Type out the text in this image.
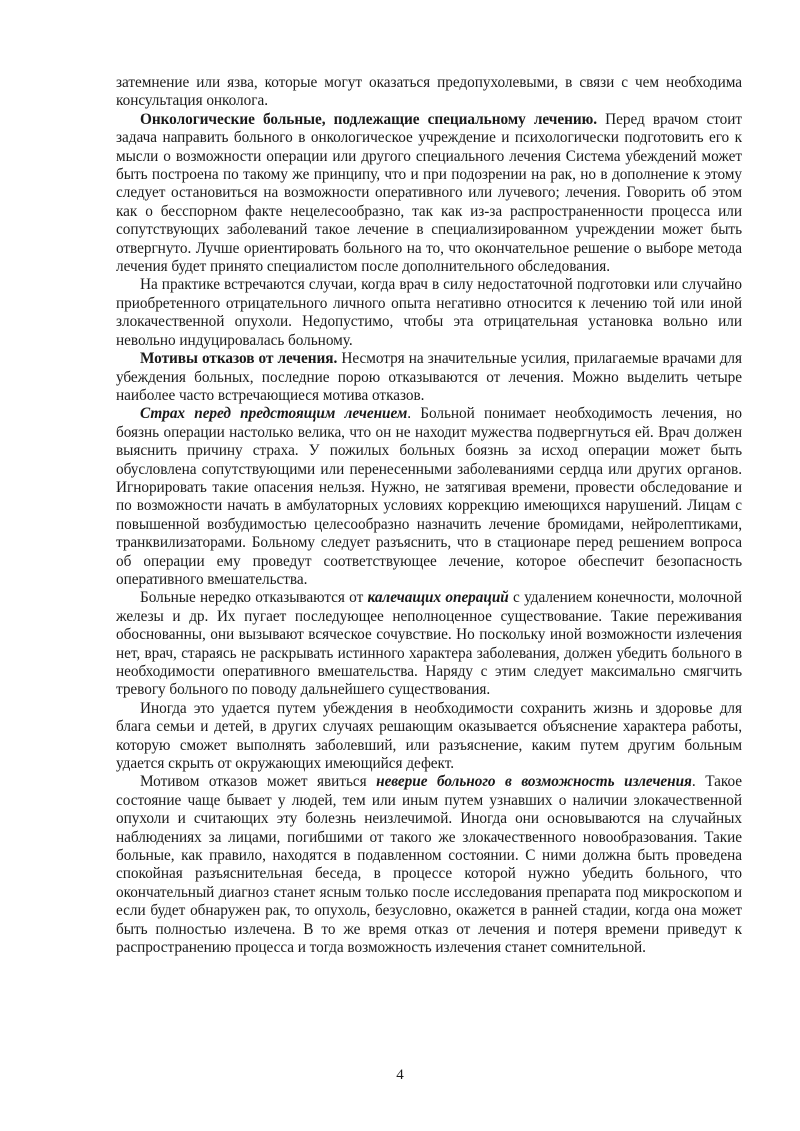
затемнение или язва, которые могут оказаться предопухолевыми, в связи с чем необходима консультация онколога.

Онкологические больные, подлежащие специальному лечению. Перед врачом стоит задача направить больного в онкологическое учреждение и психологически подготовить его к мысли о возможности операции или другого специального лечения Система убеждений может быть построена по такому же принципу, что и при подозрении на рак, но в дополнение к этому следует остановиться на возможности оперативного или лучевого; лечения. Говорить об этом как о бесспорном факте нецелесообразно, так как из-за распространенности процесса или сопутствующих заболеваний такое лечение в специализированном учреждении может быть отвергнуто. Лучше ориентировать больного на то, что окончательное решение о выборе метода лечения будет принято специалистом после дополнительного обследования.

На практике встречаются случаи, когда врач в силу недостаточной подготовки или случайно приобретенного отрицательного личного опыта негативно относится к лечению той или иной злокачественной опухоли. Недопустимо, чтобы эта отрицательная установка вольно или невольно индуцировалась больному.

Мотивы отказов от лечения. Несмотря на значительные усилия, прилагаемые врачами для убеждения больных, последние порою отказываются от лечения. Можно выделить четыре наиболее часто встречающиеся мотива отказов.

Страх перед предстоящим лечением. Больной понимает необходимость лечения, но боязнь операции настолько велика, что он не находит мужества подвергнуться ей. Врач должен выяснить причину страха. У пожилых больных боязнь за исход операции может быть обусловлена сопутствующими или перенесенными заболеваниями сердца или других органов. Игнорировать такие опасения нельзя. Нужно, не затягивая времени, провести обследование и по возможности начать в амбулаторных условиях коррекцию имеющихся нарушений. Лицам с повышенной возбудимостью целесообразно назначить лечение бромидами, нейролептиками, транквилизаторами. Больному следует разъяснить, что в стационаре перед решением вопроса об операции ему проведут соответствующее лечение, которое обеспечит безопасность оперативного вмешательства.

Больные нередко отказываются от калечащих операций с удалением конечности, молочной железы и др. Их пугает последующее неполноценное существование. Такие переживания обоснованны, они вызывают всяческое сочувствие. Но поскольку иной возможности излечения нет, врач, стараясь не раскрывать истинного характера заболевания, должен убедить больного в необходимости оперативного вмешательства. Наряду с этим следует максимально смягчить тревогу больного по поводу дальнейшего существования.

Иногда это удается путем убеждения в необходимости сохранить жизнь и здоровье для блага семьи и детей, в других случаях решающим оказывается объяснение характера работы, которую сможет выполнять заболевший, или разъяснение, каким путем другим больным удается скрыть от окружающих имеющийся дефект.

Мотивом отказов может явиться неверие больного в возможность излечения. Такое состояние чаще бывает у людей, тем или иным путем узнавших о наличии злокачественной опухоли и считающих эту болезнь неизлечимой. Иногда они основываются на случайных наблюдениях за лицами, погибшими от такого же злокачественного новообразования. Такие больные, как правило, находятся в подавленном состоянии. С ними должна быть проведена спокойная разъяснительная беседа, в процессе которой нужно убедить больного, что окончательный диагноз станет ясным только после исследования препарата под микроскопом и если будет обнаружен рак, то опухоль, безусловно, окажется в ранней стадии, когда она может быть полностью излечена. В то же время отказ от лечения и потеря времени приведут к распространению процесса и тогда возможность излечения станет сомнительной.

4
